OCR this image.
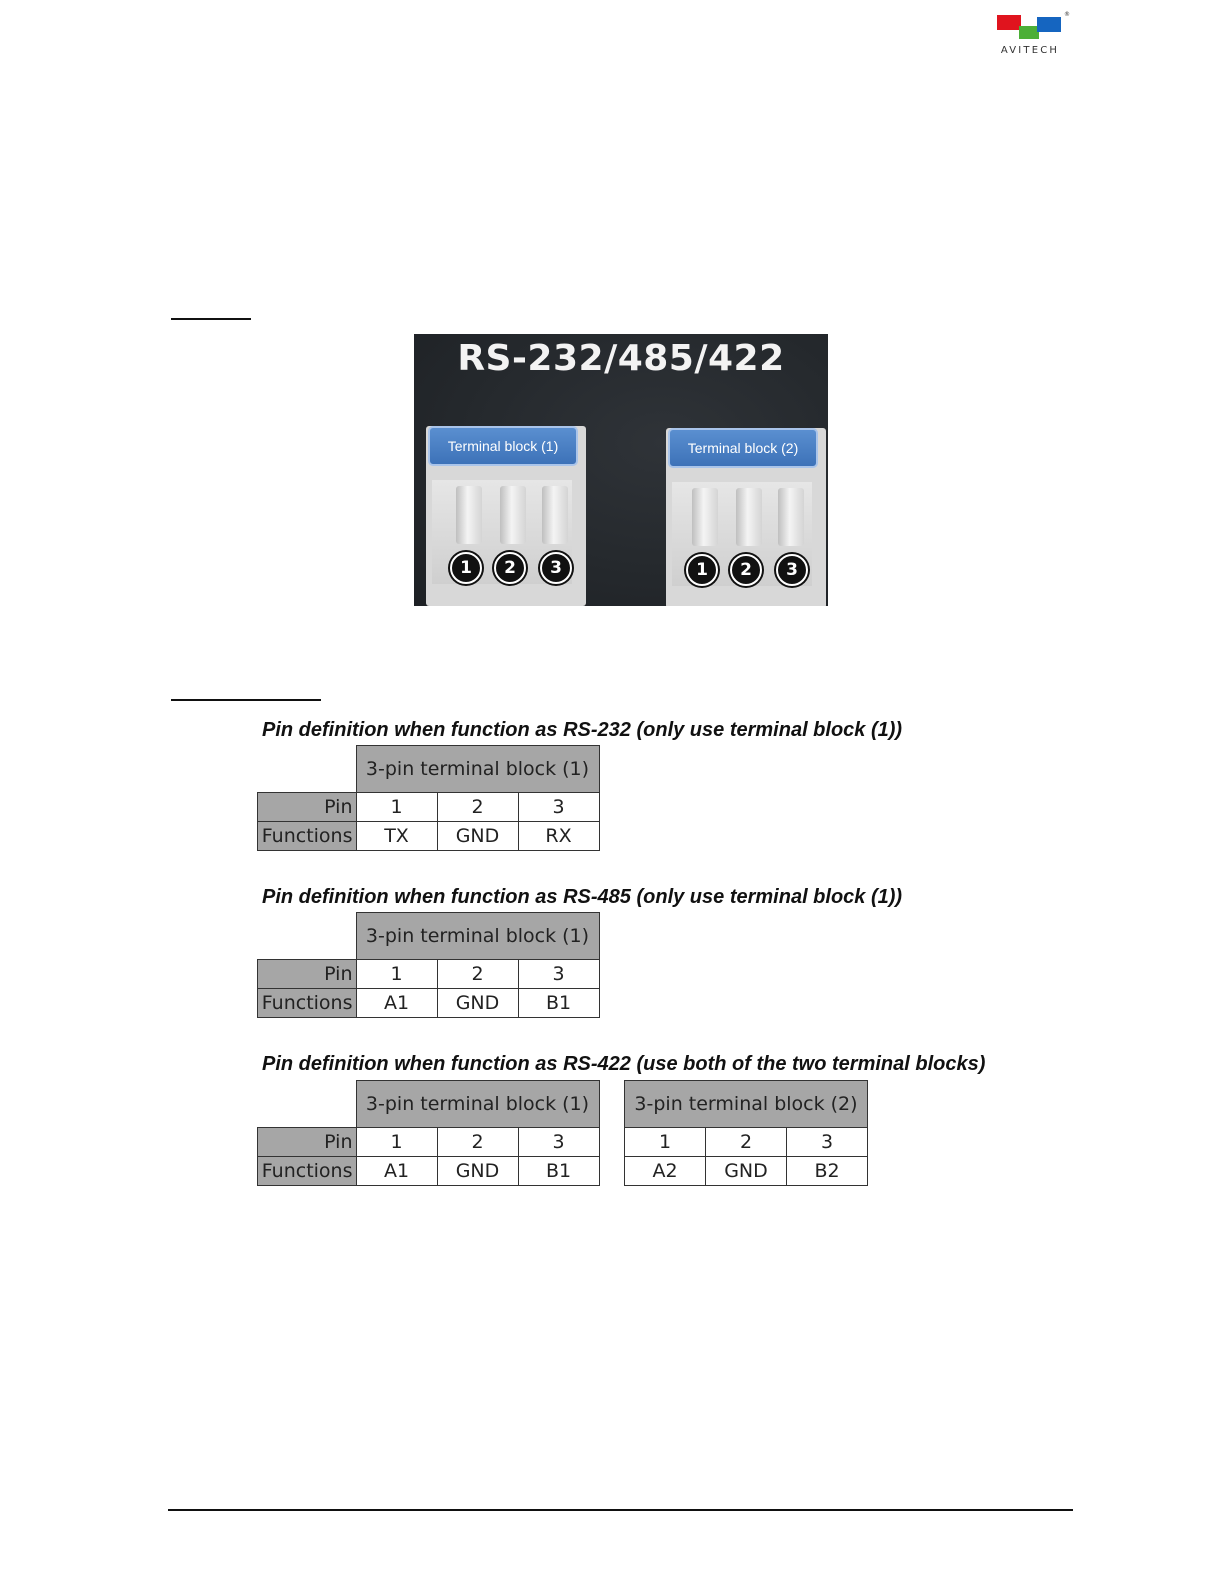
®
AVITECH
RS-232/485/422
1	2	3
Terminal block (1)
1	2	3
Terminal block (2)
Pin definition when function as RS-232 (only use terminal block (1))
	3-pin terminal block (1)		
Pin	1	2	3
Functions	TX	GND	RX
Pin definition when function as RS-485 (only use terminal block (1))
	3-pin terminal block (1)		
Pin	1	2	3
Functions	A1	GND	B1
Pin definition when function as RS-422 (use both of the two terminal blocks)
	3-pin terminal block (1)		
Pin	1	2	3
Functions	A1	GND	B1
3-pin terminal block (2)		
1	2	3
A2	GND	B2
